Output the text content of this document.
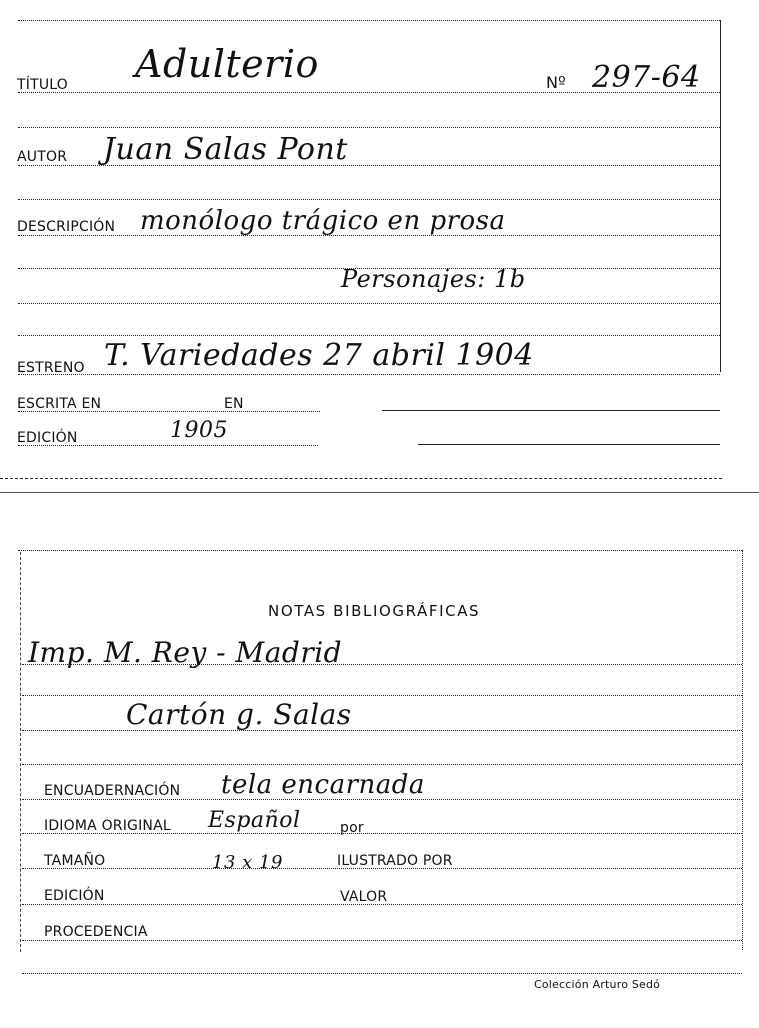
TÍTULO Adulterio	Nº 297-64
AUTOR Juan Salas Pont
DESCRIPCIÓN monólogo trágico en prosa
Personajes: 1b
ESTRENO T. Variedades 27 abril 1904
ESCRITA EN	EN
EDICIÓN	1905
NOTAS BIBLIOGRÁFICAS
Imp. M. Rey - Madrid
Cartón g. Salas
ENCUADERNACIÓN tela encarnada
IDIOMA ORIGINAL Español	por
TAMAÑO	13 x 19	ILUSTRADO POR
EDICIÓN	VALOR
PROCEDENCIA
Colección Arturo Sedó
